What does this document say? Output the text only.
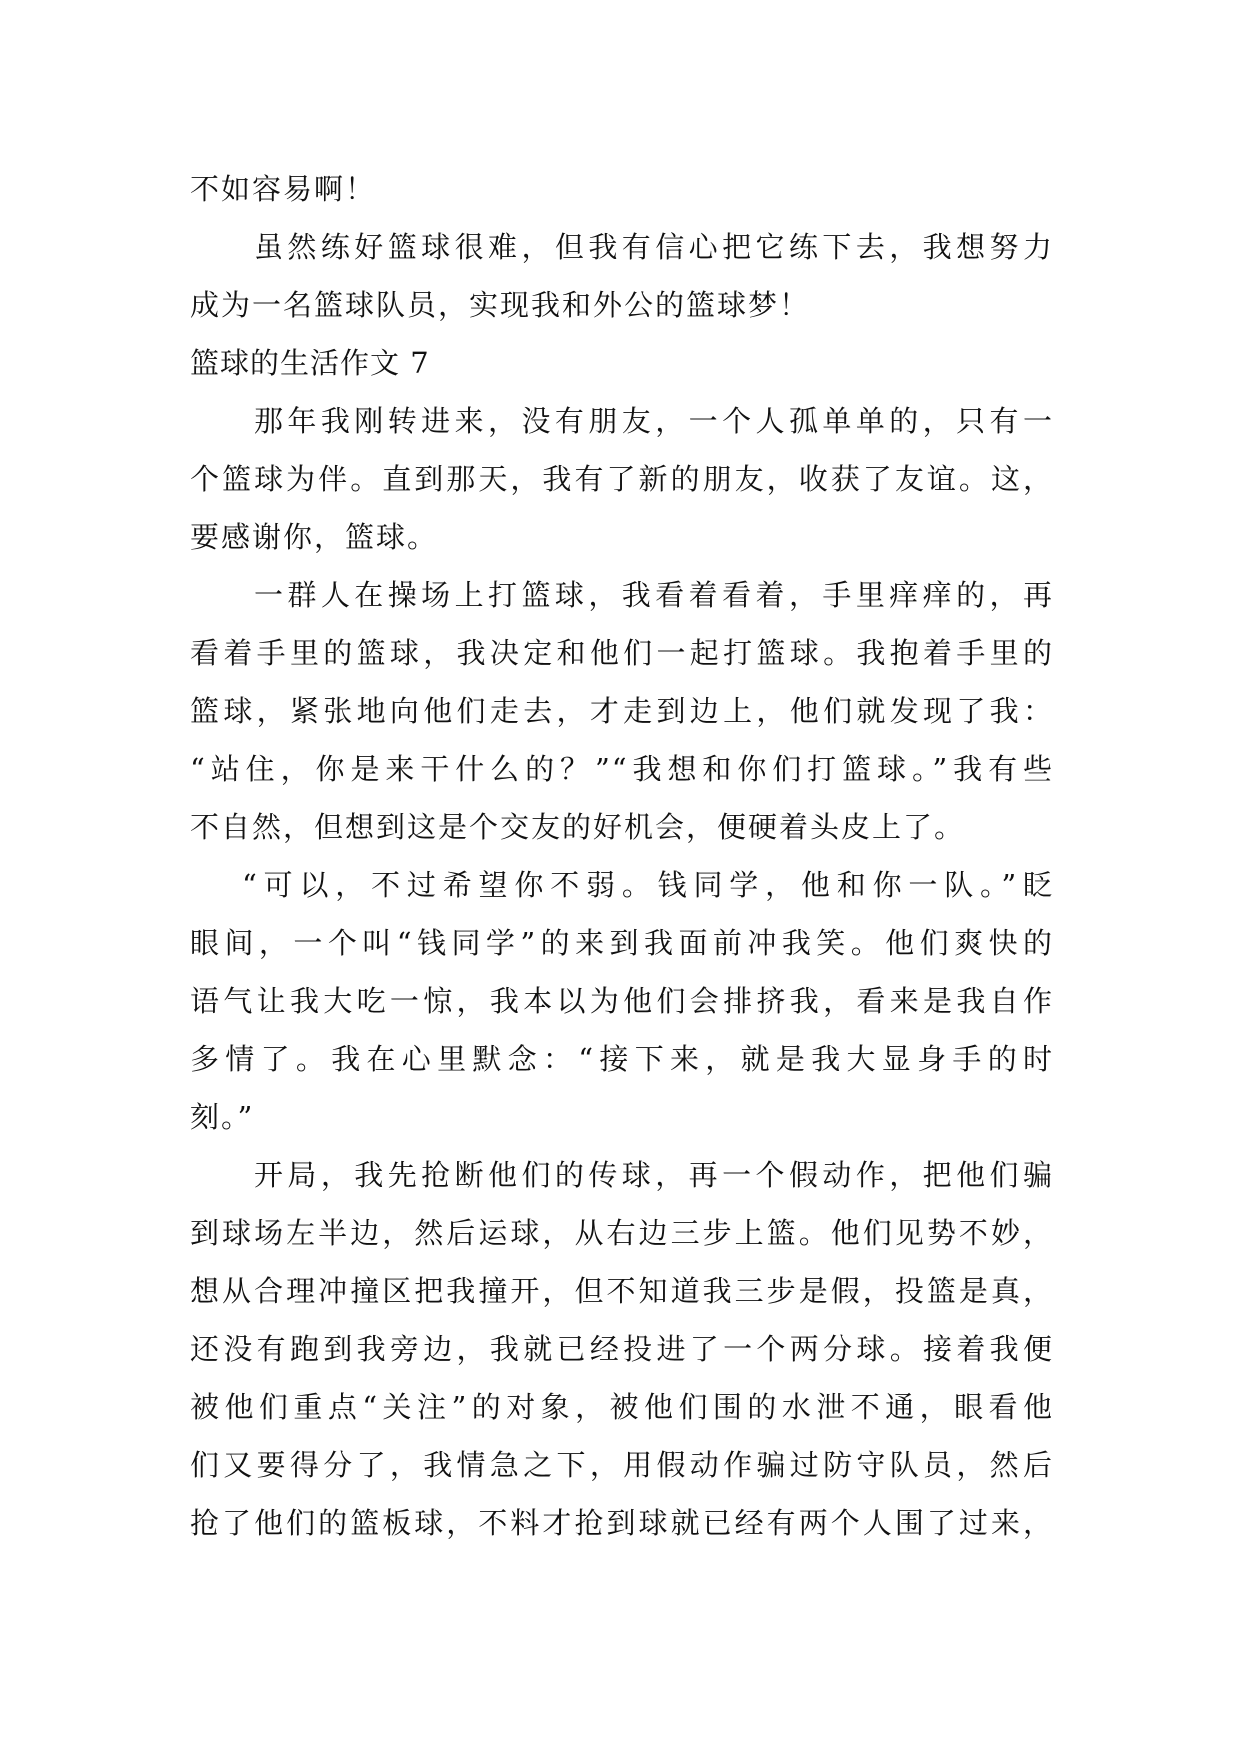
不如容易啊！
虽然练好篮球很难，但我有信心把它练下去，我想努力
成为一名篮球队员，实现我和外公的篮球梦！
篮球的生活作文 7
那年我刚转进来，没有朋友，一个人孤单单的，只有一
个篮球为伴。直到那天，我有了新的朋友，收获了友谊。这，
要感谢你，篮球。
一群人在操场上打篮球，我看着看着，手里痒痒的，再
看着手里的篮球，我决定和他们一起打篮球。我抱着手里的
篮球，紧张地向他们走去，才走到边上，他们就发现了我：
“站住，你是来干什么的？”“我想和你们打篮球。”我有些
不自然，但想到这是个交友的好机会，便硬着头皮上了。
“可以，不过希望你不弱。钱同学，他和你一队。”眨
眼间，一个叫“钱同学”的来到我面前冲我笑。他们爽快的
语气让我大吃一惊，我本以为他们会排挤我，看来是我自作
多情了。我在心里默念：“接下来，就是我大显身手的时
刻。”
开局，我先抢断他们的传球，再一个假动作，把他们骗
到球场左半边，然后运球，从右边三步上篮。他们见势不妙，
想从合理冲撞区把我撞开，但不知道我三步是假，投篮是真，
还没有跑到我旁边，我就已经投进了一个两分球。接着我便
被他们重点“关注”的对象，被他们围的水泄不通，眼看他
们又要得分了，我情急之下，用假动作骗过防守队员，然后
抢了他们的篮板球，不料才抢到球就已经有两个人围了过来，
